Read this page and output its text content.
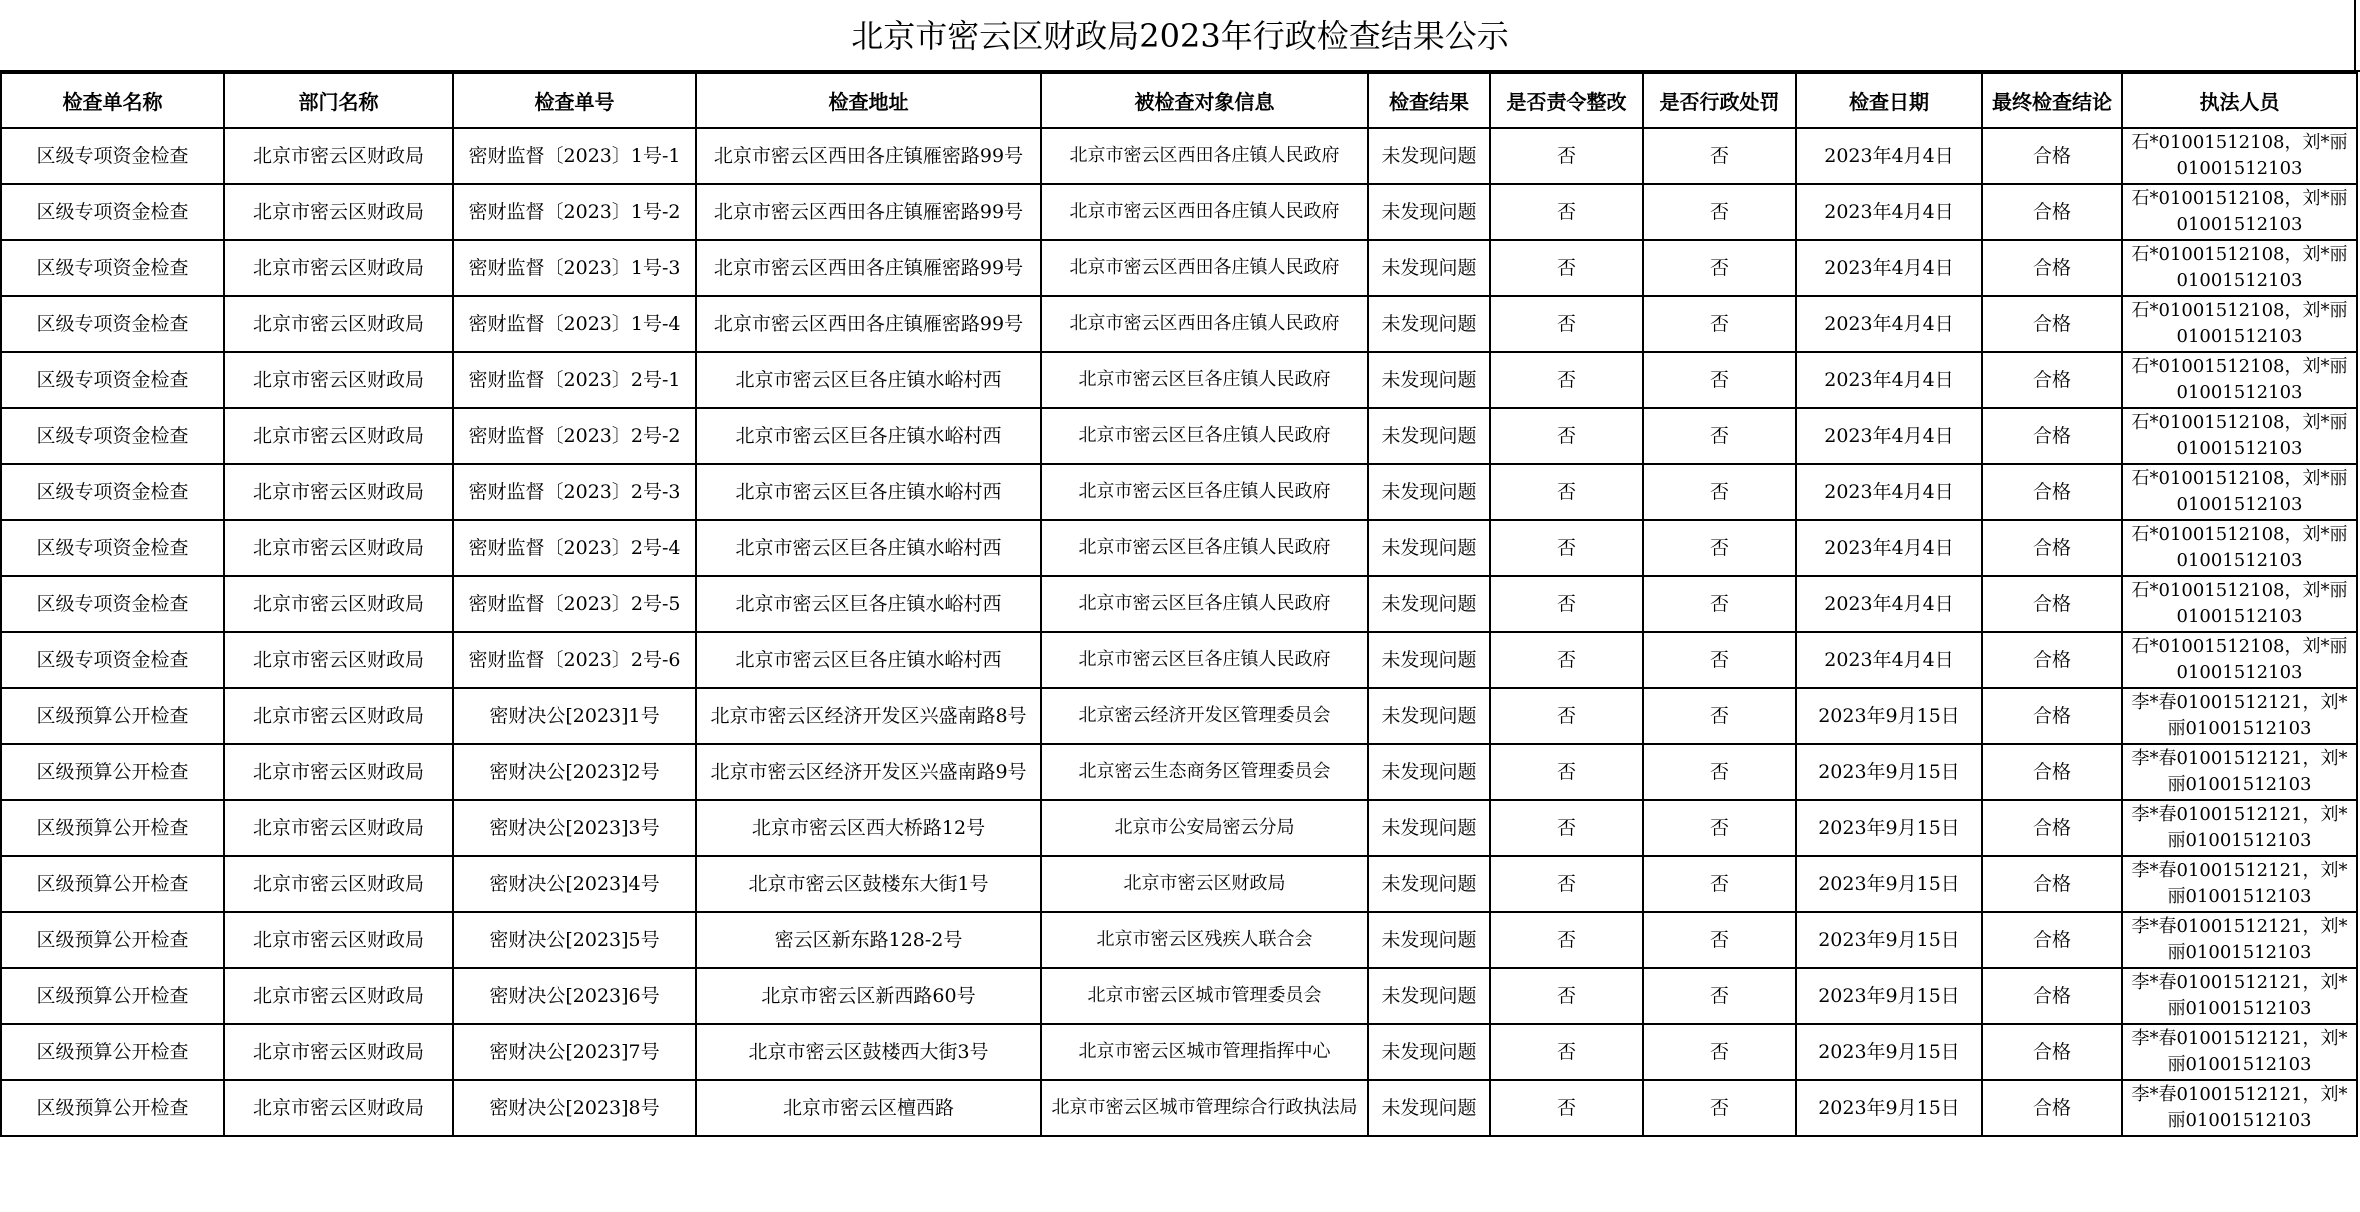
北京市密云区财政局2023年行政检查结果公示
检查单名称	部门名称	检查单号	检查地址	被检查对象信息	检查结果	是否责令整改	是否行政处罚	检查日期	最终检查结论	执法人员
区级专项资金检查	北京市密云区财政局	密财监督〔2023〕1号-1	北京市密云区西田各庄镇雁密路99号	北京市密云区西田各庄镇人民政府	未发现问题	否	否	2023年4月4日	合格	石*01001512108，刘*丽01001512103
区级专项资金检查	北京市密云区财政局	密财监督〔2023〕1号-2	北京市密云区西田各庄镇雁密路99号	北京市密云区西田各庄镇人民政府	未发现问题	否	否	2023年4月4日	合格	石*01001512108，刘*丽01001512103
区级专项资金检查	北京市密云区财政局	密财监督〔2023〕1号-3	北京市密云区西田各庄镇雁密路99号	北京市密云区西田各庄镇人民政府	未发现问题	否	否	2023年4月4日	合格	石*01001512108，刘*丽01001512103
区级专项资金检查	北京市密云区财政局	密财监督〔2023〕1号-4	北京市密云区西田各庄镇雁密路99号	北京市密云区西田各庄镇人民政府	未发现问题	否	否	2023年4月4日	合格	石*01001512108，刘*丽01001512103
区级专项资金检查	北京市密云区财政局	密财监督〔2023〕2号-1	北京市密云区巨各庄镇水峪村西	北京市密云区巨各庄镇人民政府	未发现问题	否	否	2023年4月4日	合格	石*01001512108，刘*丽01001512103
区级专项资金检查	北京市密云区财政局	密财监督〔2023〕2号-2	北京市密云区巨各庄镇水峪村西	北京市密云区巨各庄镇人民政府	未发现问题	否	否	2023年4月4日	合格	石*01001512108，刘*丽01001512103
区级专项资金检查	北京市密云区财政局	密财监督〔2023〕2号-3	北京市密云区巨各庄镇水峪村西	北京市密云区巨各庄镇人民政府	未发现问题	否	否	2023年4月4日	合格	石*01001512108，刘*丽01001512103
区级专项资金检查	北京市密云区财政局	密财监督〔2023〕2号-4	北京市密云区巨各庄镇水峪村西	北京市密云区巨各庄镇人民政府	未发现问题	否	否	2023年4月4日	合格	石*01001512108，刘*丽01001512103
区级专项资金检查	北京市密云区财政局	密财监督〔2023〕2号-5	北京市密云区巨各庄镇水峪村西	北京市密云区巨各庄镇人民政府	未发现问题	否	否	2023年4月4日	合格	石*01001512108，刘*丽01001512103
区级专项资金检查	北京市密云区财政局	密财监督〔2023〕2号-6	北京市密云区巨各庄镇水峪村西	北京市密云区巨各庄镇人民政府	未发现问题	否	否	2023年4月4日	合格	石*01001512108，刘*丽01001512103
区级预算公开检查	北京市密云区财政局	密财决公[2023]1号	北京市密云区经济开发区兴盛南路8号	北京密云经济开发区管理委员会	未发现问题	否	否	2023年9月15日	合格	李*春01001512121，刘*丽01001512103
区级预算公开检查	北京市密云区财政局	密财决公[2023]2号	北京市密云区经济开发区兴盛南路9号	北京密云生态商务区管理委员会	未发现问题	否	否	2023年9月15日	合格	李*春01001512121，刘*丽01001512103
区级预算公开检查	北京市密云区财政局	密财决公[2023]3号	北京市密云区西大桥路12号	北京市公安局密云分局	未发现问题	否	否	2023年9月15日	合格	李*春01001512121，刘*丽01001512103
区级预算公开检查	北京市密云区财政局	密财决公[2023]4号	北京市密云区鼓楼东大街1号	北京市密云区财政局	未发现问题	否	否	2023年9月15日	合格	李*春01001512121，刘*丽01001512103
区级预算公开检查	北京市密云区财政局	密财决公[2023]5号	密云区新东路128-2号	北京市密云区残疾人联合会	未发现问题	否	否	2023年9月15日	合格	李*春01001512121，刘*丽01001512103
区级预算公开检查	北京市密云区财政局	密财决公[2023]6号	北京市密云区新西路60号	北京市密云区城市管理委员会	未发现问题	否	否	2023年9月15日	合格	李*春01001512121，刘*丽01001512103
区级预算公开检查	北京市密云区财政局	密财决公[2023]7号	北京市密云区鼓楼西大街3号	北京市密云区城市管理指挥中心	未发现问题	否	否	2023年9月15日	合格	李*春01001512121，刘*丽01001512103
区级预算公开检查	北京市密云区财政局	密财决公[2023]8号	北京市密云区檀西路	北京市密云区城市管理综合行政执法局	未发现问题	否	否	2023年9月15日	合格	李*春01001512121，刘*丽01001512103
